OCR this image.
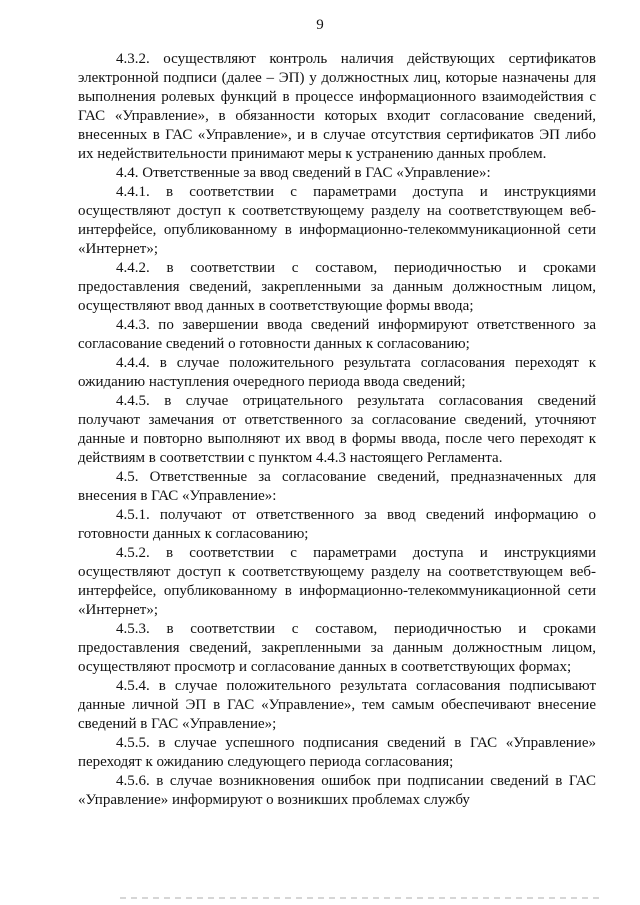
9

4.3.2. осуществляют контроль наличия действующих сертификатов электронной подписи (далее – ЭП) у должностных лиц, которые назначены для выполнения ролевых функций в процессе информационного взаимодействия с ГАС «Управление», в обязанности которых входит согласование сведений, внесенных в ГАС «Управление», и в случае отсутствия сертификатов ЭП либо их недействительности принимают меры к устранению данных проблем.

4.4. Ответственные за ввод сведений в ГАС «Управление»:

4.4.1. в соответствии с параметрами доступа и инструкциями осуществляют доступ к соответствующему разделу на соответствующем веб-интерфейсе, опубликованному в информационно-телекоммуникационной сети «Интернет»;

4.4.2. в соответствии с составом, периодичностью и сроками предоставления сведений, закрепленными за данным должностным лицом, осуществляют ввод данных в соответствующие формы ввода;

4.4.3. по завершении ввода сведений информируют ответственного за согласование сведений о готовности данных к согласованию;

4.4.4. в случае положительного результата согласования переходят к ожиданию наступления очередного периода ввода сведений;

4.4.5. в случае отрицательного результата согласования сведений получают замечания от ответственного за согласование сведений, уточняют данные и повторно выполняют их ввод в формы ввода, после чего переходят к действиям в соответствии с пунктом 4.4.3 настоящего Регламента.

4.5. Ответственные за согласование сведений, предназначенных для внесения в ГАС «Управление»:

4.5.1. получают от ответственного за ввод сведений информацию о готовности данных к согласованию;

4.5.2. в соответствии с параметрами доступа и инструкциями осуществляют доступ к соответствующему разделу на соответствующем веб-интерфейсе, опубликованному в информационно-телекоммуникационной сети «Интернет»;

4.5.3. в соответствии с составом, периодичностью и сроками предоставления сведений, закрепленными за данным должностным лицом, осуществляют просмотр и согласование данных в соответствующих формах;

4.5.4. в случае положительного результата согласования подписывают данные личной ЭП в ГАС «Управление», тем самым обеспечивают внесение сведений в ГАС «Управление»;

4.5.5. в случае успешного подписания сведений в ГАС «Управление» переходят к ожиданию следующего периода согласования;

4.5.6. в случае возникновения ошибок при подписании сведений в ГАС «Управление» информируют о возникших проблемах службу
